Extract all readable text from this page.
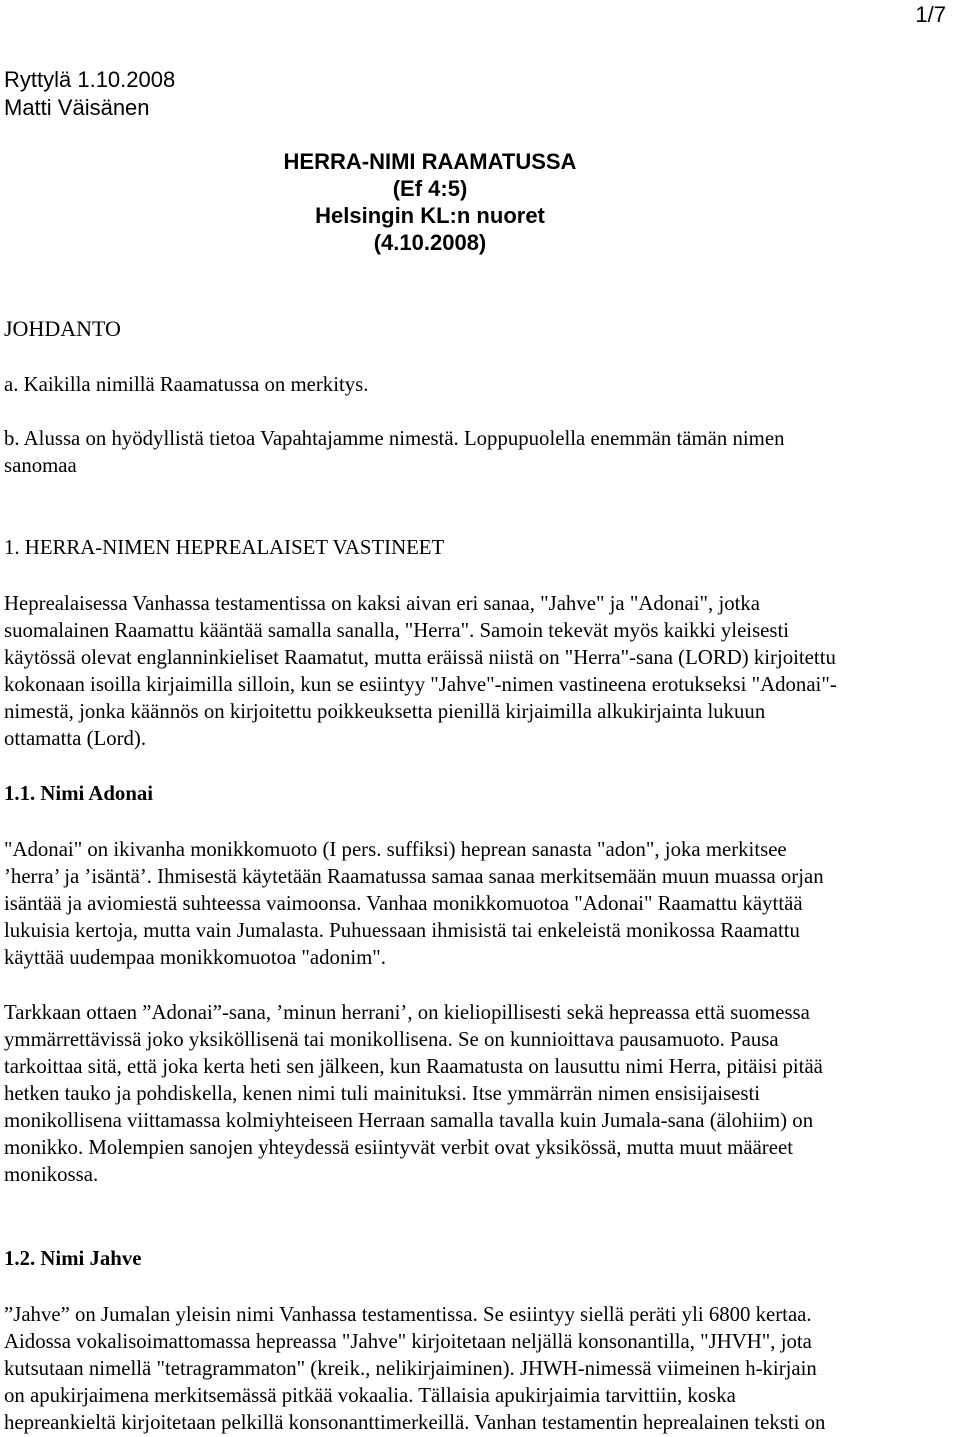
1/7
Ryttylä 1.10.2008
Matti Väisänen
HERRA-NIMI RAAMATUSSA
(Ef 4:5)
Helsingin KL:n nuoret
(4.10.2008)
JOHDANTO
a. Kaikilla nimillä Raamatussa on merkitys.
b. Alussa on hyödyllistä tietoa Vapahtajamme nimestä. Loppupuolella enemmän tämän nimen
sanomaa
1. HERRA-NIMEN HEPREALAISET VASTINEET
Heprealaisessa Vanhassa testamentissa on kaksi aivan eri sanaa, "Jahve" ja "Adonai", jotka
suomalainen Raamattu kääntää samalla sanalla, "Herra". Samoin tekevät myös kaikki yleisesti
käytössä olevat englanninkieliset Raamatut, mutta eräissä niistä on "Herra"-sana (LORD) kirjoitettu
kokonaan isoilla kirjaimilla silloin, kun se esiintyy "Jahve"-nimen vastineena erotukseksi "Adonai"-
nimestä, jonka käännös on kirjoitettu poikkeuksetta pienillä kirjaimilla alkukirjainta lukuun
ottamatta (Lord).
1.1. Nimi Adonai
"Adonai" on ikivanha monikkomuoto (I pers. suffiksi) heprean sanasta "adon", joka merkitsee
’herra’ ja ’isäntä’. Ihmisestä käytetään Raamatussa samaa sanaa merkitsemään muun muassa orjan
isäntää ja aviomiestä suhteessa vaimoonsa. Vanhaa monikkomuotoa "Adonai" Raamattu käyttää
lukuisia kertoja, mutta vain Jumalasta. Puhuessaan ihmisistä tai enkeleistä monikossa Raamattu
käyttää uudempaa monikkomuotoa "adonim".
Tarkkaan ottaen ”Adonai”-sana, ’minun herrani’, on kieliopillisesti sekä hepreassa että suomessa
ymmärrettävissä joko yksiköllisenä tai monikollisena. Se on kunnioittava pausamuoto. Pausa
tarkoittaa sitä, että joka kerta heti sen jälkeen, kun Raamatusta on lausuttu nimi Herra, pitäisi pitää
hetken tauko ja pohdiskella, kenen nimi tuli mainituksi. Itse ymmärrän nimen ensisijaisesti
monikollisena viittamassa kolmiyhteiseen Herraan samalla tavalla kuin Jumala-sana (älohiim) on
monikko. Molempien sanojen yhteydessä esiintyvät verbit ovat yksikössä, mutta muut määreet
monikossa.
1.2. Nimi Jahve
”Jahve” on Jumalan yleisin nimi Vanhassa testamentissa. Se esiintyy siellä peräti yli 6800 kertaa.
Aidossa vokalisoimattomassa hepreassa "Jahve" kirjoitetaan neljällä konsonantilla, "JHVH", jota
kutsutaan nimellä "tetragrammaton" (kreik., nelikirjaiminen). JHWH-nimessä viimeinen h-kirjain
on apukirjaimena merkitsemässä pitkää vokaalia. Tällaisia apukirjaimia tarvittiin, koska
hepreankieltä kirjoitetaan pelkillä konsonanttimerkeillä. Vanhan testamentin heprealainen teksti on
